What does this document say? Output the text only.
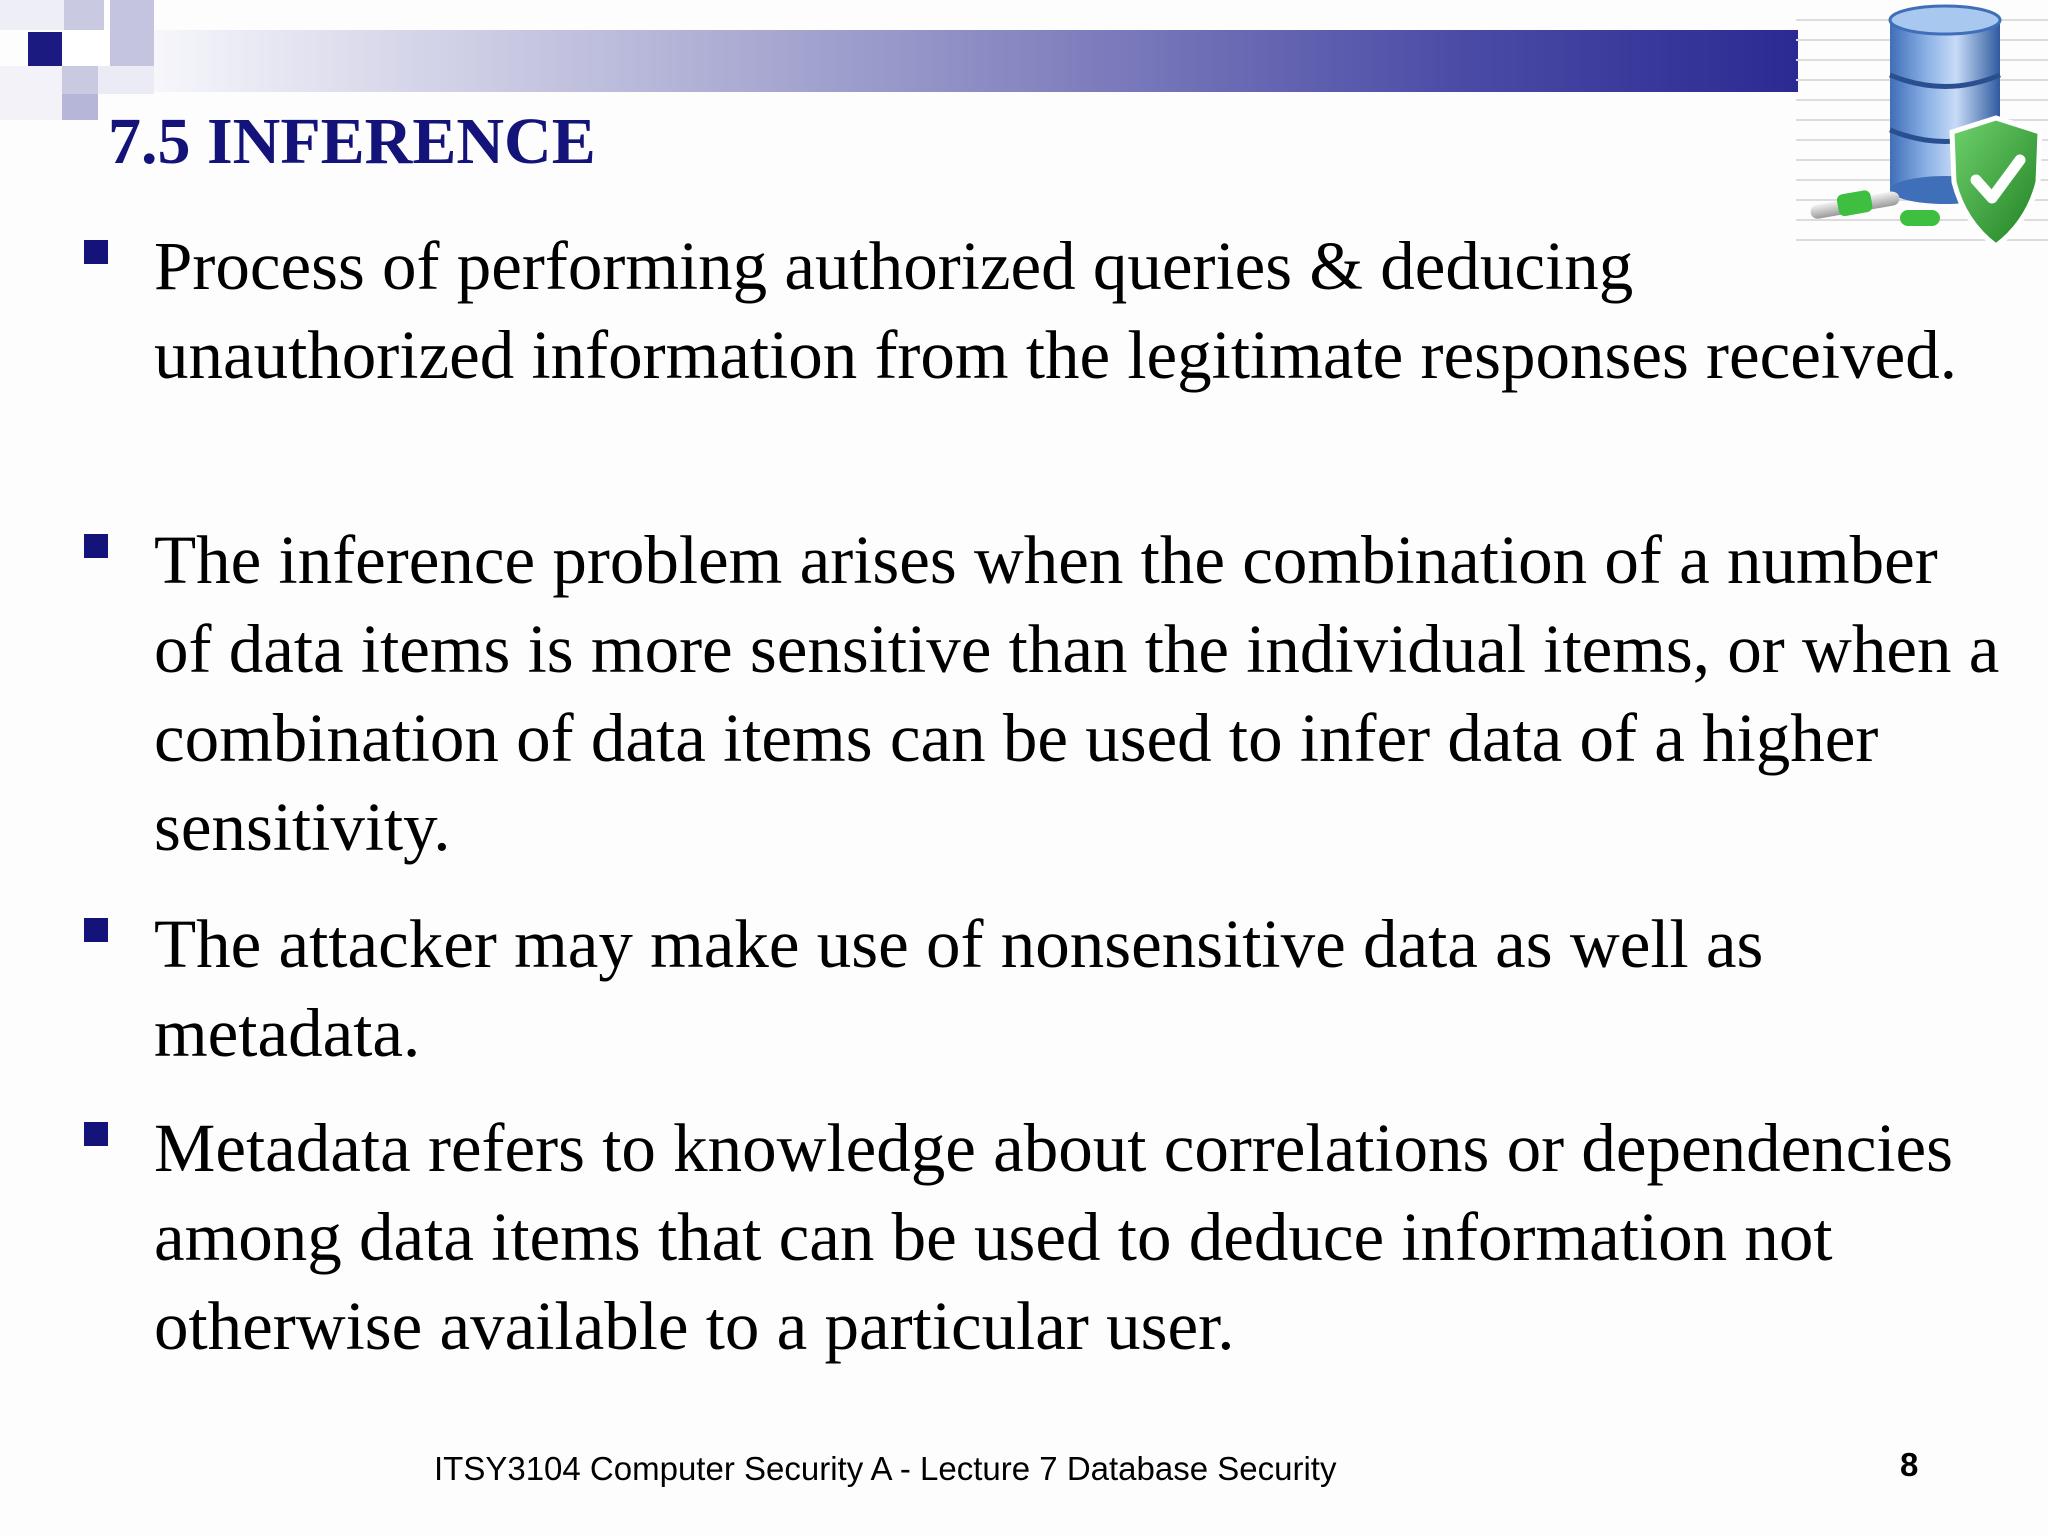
7.5 INFERENCE

Process of performing authorized queries & deducing unauthorized information from the legitimate responses received.

The inference problem arises when the combination of a number of data items is more sensitive than the individual items, or when a combination of data items can be used to infer data of a higher sensitivity.

The attacker may make use of nonsensitive data as well as metadata.

Metadata refers to knowledge about correlations or dependencies among data items that can be used to deduce information not otherwise available to a particular user.

ITSY3104 Computer Security A - Lecture 7 Database Security	8
